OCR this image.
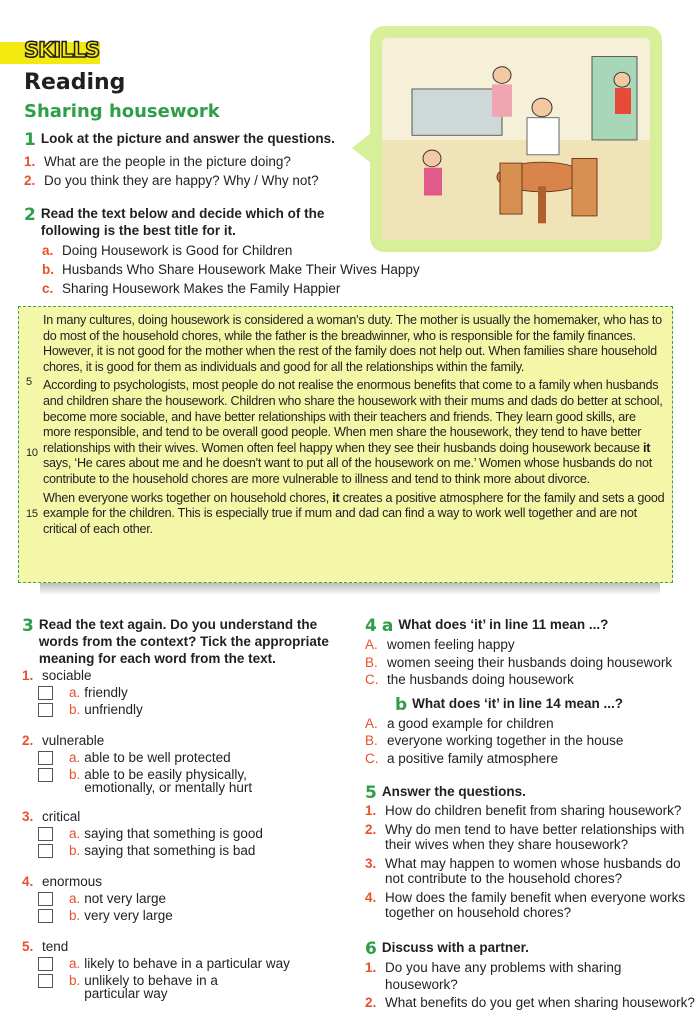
SKILLS
Reading
Sharing housework
1 Look at the picture and answer the questions.
1. What are the people in the picture doing?
2. Do you think they are happy? Why / Why not?
2 Read the text below and decide which of the following is the best title for it.
a. Doing Housework is Good for Children
b. Husbands Who Share Housework Make Their Wives Happy
c. Sharing Housework Makes the Family Happier

5
In many cultures, doing housework is considered a woman's duty. The mother is usually the homemaker, who has to do most of the household chores, while the father is the breadwinner, who is responsible for the family finances. However, it is not good for the mother when the rest of the family does not help out. When families share household chores, it is good for them as individuals and good for all the relationships within the family.

10
According to psychologists, most people do not realise the enormous benefits that come to a family when husbands and children share the housework. Children who share the housework with their mums and dads do better at school, become more sociable, and have better relationships with their teachers and friends. They learn good skills, are more responsible, and tend to be overall good people. When men share the housework, they tend to have better relationships with their wives. Women often feel happy when they see their husbands doing housework because it says, ‘He cares about me and he doesn't want to put all of the housework on me.’ Women whose husbands do not contribute to the household chores are more vulnerable to illness and tend to think more about divorce.

15
When everyone works together on household chores, it creates a positive atmosphere for the family and sets a good example for the children. This is especially true if mum and dad can find a way to work well together and are not critical of each other.

3 Read the text again. Do you understand the words from the context? Tick the appropriate meaning for each word from the text.
1. sociable
a. friendly
b. unfriendly
2. vulnerable
a. able to be well protected
b. able to be easily physically, emotionally, or mentally hurt
3. critical
a. saying that something is good
b. saying that something is bad
4. enormous
a. not very large
b. very very large
5. tend
a. likely to behave in a particular way
b. unlikely to behave in a particular way
4 a What does ‘it’ in line 11 mean ...?
A. women feeling happy
B. women seeing their husbands doing housework
C. the husbands doing housework
b What does ‘it’ in line 14 mean ...?
A. a good example for children
B. everyone working together in the house
C. a positive family atmosphere
5 Answer the questions.
1. How do children benefit from sharing housework?
2. Why do men tend to have better relationships with their wives when they share housework?
3. What may happen to women whose husbands do not contribute to the household chores?
4. How does the family benefit when everyone works together on household chores?
6 Discuss with a partner.
1. Do you have any problems with sharing housework?
2. What benefits do you get when sharing housework?
